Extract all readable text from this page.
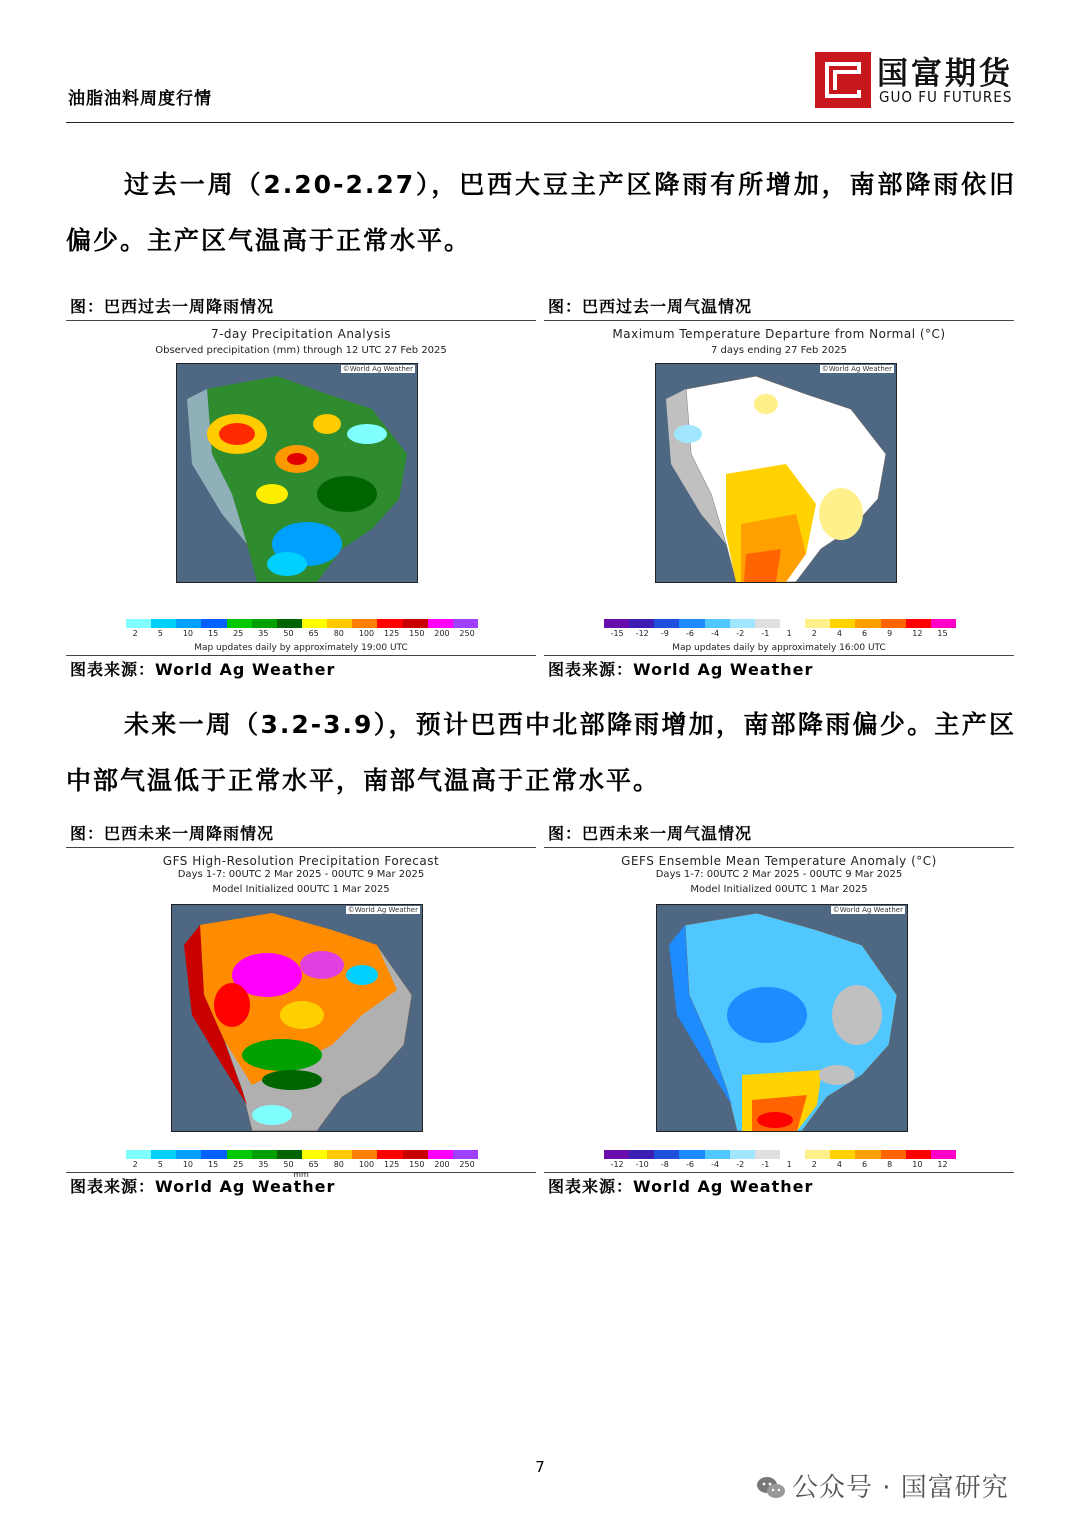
油脂油料周度行情
国富期货
GUO FU FUTURES
过去一周（2.20-2.27），巴西大豆主产区降雨有所增加，南部降雨依旧偏少。主产区气温高于正常水平。
图：巴西过去一周降雨情况
7-day Precipitation Analysis
Observed precipitation (mm) through 12 UTC 27 Feb 2025
©World Ag Weather
2	5	10 15 25 35 50 65 80 100 125 150 200 250
Map updates daily by approximately 19:00 UTC
图表来源：World Ag Weather
图：巴西过去一周气温情况
Maximum Temperature Departure from Normal (°C)
7 days ending 27 Feb 2025
©World Ag Weather
-15 -12 -9 -6 -4 -2 -1 1	2	4	6	9	12 15
Map updates daily by approximately 16:00 UTC
图表来源：World Ag Weather
未来一周（3.2-3.9），预计巴西中北部降雨增加，南部降雨偏少。主产区中部气温低于正常水平，南部气温高于正常水平。
图：巴西未来一周降雨情况
GFS High-Resolution Precipitation Forecast
Days 1-7: 00UTC 2 Mar 2025 - 00UTC 9 Mar 2025
Model Initialized 00UTC 1 Mar 2025
©World Ag Weather
2	5	10 15 25 35 50 65 80 100 125 150 200 250
mm
图表来源：World Ag Weather
图：巴西未来一周气温情况
GEFS Ensemble Mean Temperature Anomaly (°C)
Days 1-7: 00UTC 2 Mar 2025 - 00UTC 9 Mar 2025
Model Initialized 00UTC 1 Mar 2025
©World Ag Weather
-12 -10 -8 -6 -4 -2 -1 1	2	4	6	8	10 12
图表来源：World Ag Weather
7
公众号 · 国富研究
